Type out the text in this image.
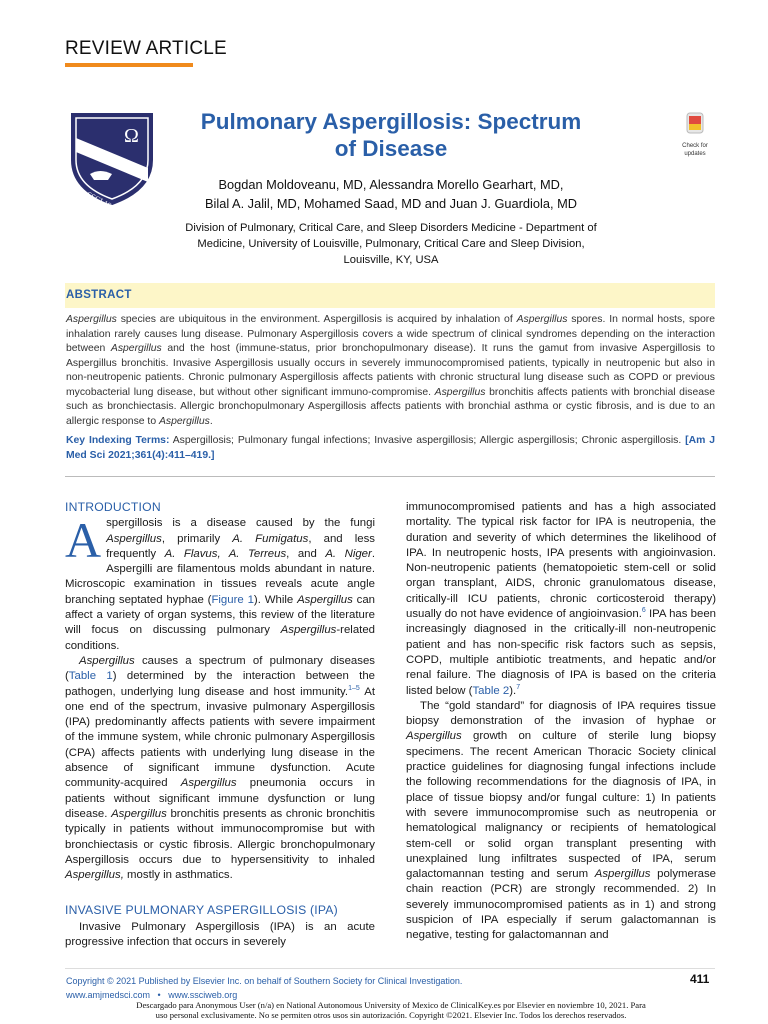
REVIEW ARTICLE
Ω
SSCI 1946
Check for
updates
Pulmonary Aspergillosis: Spectrum
of Disease
Bogdan Moldoveanu, MD, Alessandra Morello Gearhart, MD,
Bilal A. Jalil, MD, Mohamed Saad, MD and Juan J. Guardiola, MD
Division of Pulmonary, Critical Care, and Sleep Disorders Medicine - Department of
Medicine, University of Louisville, Pulmonary, Critical Care and Sleep Division,
Louisville, KY, USA
ABSTRACT
Aspergillus species are ubiquitous in the environment. Aspergillosis is acquired by inhalation of Aspergillus spores. In normal hosts, spore inhalation rarely causes lung disease. Pulmonary Aspergillosis covers a wide spectrum of clinical syndromes depending on the interaction between Aspergillus and the host (immune-status, prior bronchopulmonary disease). It runs the gamut from invasive Aspergillosis to Aspergillus bronchitis. Invasive Aspergillosis usually occurs in severely immunocompromised patients, typically in neutropenic but also in non-neutropenic patients. Chronic pulmonary Aspergillosis affects patients with chronic structural lung disease such as COPD or previous mycobacterial lung disease, but without other significant immuno-compromise. Aspergillus bronchitis affects patients with bronchial disease such as bronchiectasis. Allergic bronchopulmonary Aspergillosis affects patients with bronchial asthma or cystic fibrosis, and is due to an allergic response to Aspergillus.
Key Indexing Terms: Aspergillosis; Pulmonary fungal infections; Invasive aspergillosis; Allergic aspergillosis; Chronic aspergillosis. [Am J Med Sci 2021;361(4):411–419.]
INTRODUCTION

Aspergillosis is a disease caused by the fungi Aspergillus, primarily A. Fumigatus, and less frequently A. Flavus, A. Terreus, and A. Niger. Aspergilli are filamentous molds abundant in nature. Microscopic examination in tissues reveals acute angle branching septated hyphae (Figure 1). While Aspergillus can affect a variety of organ systems, this review of the literature will focus on discussing pulmonary Aspergillus-related conditions.

Aspergillus causes a spectrum of pulmonary diseases (Table 1) determined by the interaction between the pathogen, underlying lung disease and host immunity.$^{1-5}$ At one end of the spectrum, invasive pulmonary Aspergillosis (IPA) predominantly affects patients with severe impairment of the immune system, while chronic pulmonary Aspergillosis (CPA) affects patients with underlying lung disease in the absence of significant immune dysfunction. Acute community-acquired Aspergillus pneumonia occurs in patients without significant immune dysfunction or lung disease. Aspergillus bronchitis presents as chronic bronchitis typically in patients without immunocompromise but with bronchiectasis or cystic fibrosis. Allergic bronchopulmonary Aspergillosis occurs due to hypersensitivity to inhaled Aspergillus, mostly in asthmatics.

INVASIVE PULMONARY ASPERGILLOSIS (IPA)

Invasive Pulmonary Aspergillosis (IPA) is an acute progressive infection that occurs in severely

immunocompromised patients and has a high associated mortality. The typical risk factor for IPA is neutropenia, the duration and severity of which determines the likelihood of IPA. In neutropenic hosts, IPA presents with angioinvasion. Non-neutropenic patients (hematopoietic stem-cell or solid organ transplant, AIDS, chronic granulomatous disease, critically-ill ICU patients, chronic corticosteroid therapy) usually do not have evidence of angioinvasion.$^6$ IPA has been increasingly diagnosed in the critically-ill non-neutropenic patient and has non-specific risk factors such as sepsis, COPD, multiple antibiotic treatments, and hepatic and/or renal failure. The diagnosis of IPA is based on the criteria listed below (Table 2).$^7$

The “gold standard” for diagnosis of IPA requires tissue biopsy demonstration of the invasion of hyphae or Aspergillus growth on culture of sterile lung biopsy specimens. The recent American Thoracic Society clinical practice guidelines for diagnosing fungal infections include the following recommendations for the diagnosis of IPA, in place of tissue biopsy and/or fungal culture: 1) In patients with severe immunocompromise such as neutropenia or hematological malignancy or recipients of hematological stem-cell or solid organ transplant presenting with unexplained lung infiltrates suspected of IPA, serum galactomannan testing and serum Aspergillus polymerase chain reaction (PCR) are strongly recommended. 2) In severely immunocompromised patients as in 1) and strong suspicion of IPA especially if serum galactomannan is negative, testing for galactomannan and

Copyright © 2021 Published by Elsevier Inc. on behalf of Southern Society for Clinical Investigation.	411
www.amjmedsci.com • www.ssciweb.org
Descargado para Anonymous User (n/a) en National Autonomous University of Mexico de ClinicalKey.es por Elsevier en noviembre 10, 2021. Para
uso personal exclusivamente. No se permiten otros usos sin autorización. Copyright ©2021. Elsevier Inc. Todos los derechos reservados.
